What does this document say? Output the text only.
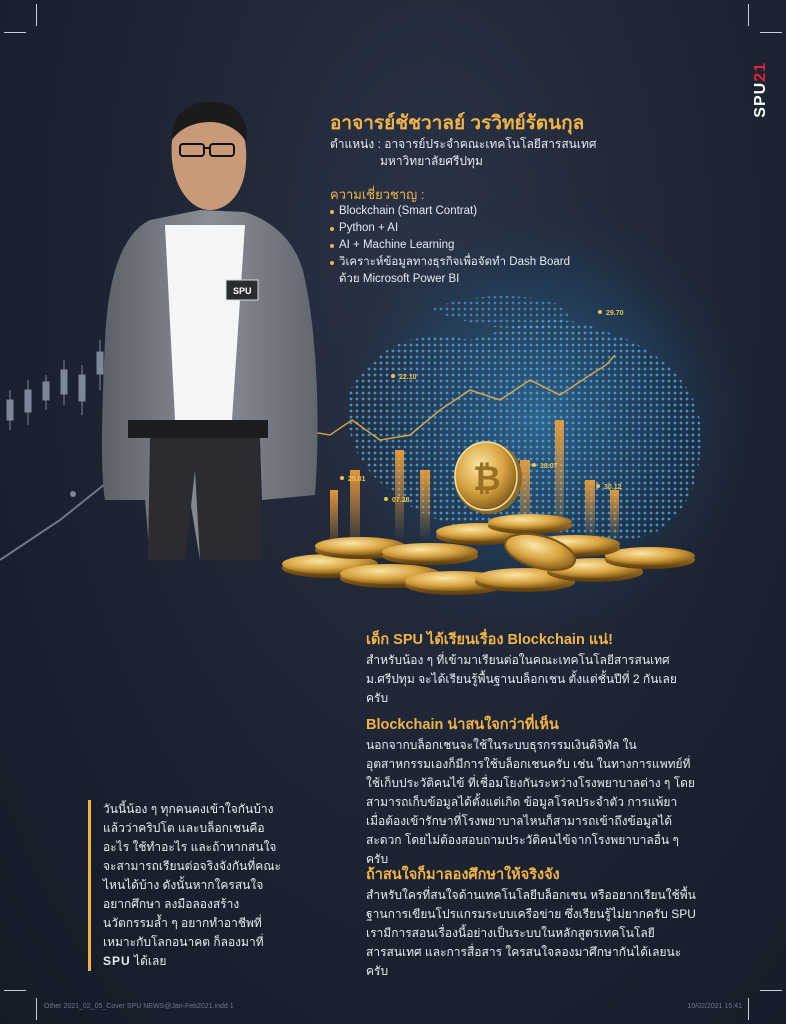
SPU21
29.70
22.10
25.01
07.28
18.07
30.12
SPU
₿
อาจารย์ชัชวาลย์ วรวิทย์รัตนกุล
ตำแหน่ง : อาจารย์ประจำคณะเทคโนโลยีสารสนเทศ
มหาวิทยาลัยศรีปทุม
ความเชี่ยวชาญ :
Blockchain (Smart Contrat)
Python + AI
AI + Machine Learning
วิเคราะห์ข้อมูลทางธุรกิจเพื่อจัดทำ Dash Board ด้วย Microsoft Power BI
เด็ก SPU ได้เรียนเรื่อง Blockchain แน่!
สำหรับน้อง ๆ ที่เข้ามาเรียนต่อในคณะเทคโนโลยีสารสนเทศ ม.ศรีปทุม จะได้เรียนรู้พื้นฐานบล็อกเชน ตั้งแต่ชั้นปีที่ 2 กันเลยครับ
Blockchain น่าสนใจกว่าที่เห็น
นอกจากบล็อกเชนจะใช้ในระบบธุรกรรมเงินดิจิทัล ในอุตสาหกรรมเองก็มีการใช้บล็อกเชนครับ เช่น ในทางการแพทย์ที่ใช้เก็บประวัติคนไข้ ที่เชื่อมโยงกันระหว่างโรงพยาบาลต่าง ๆ โดยสามารถเก็บข้อมูลได้ตั้งแต่เกิด ข้อมูลโรคประจำตัว การแพ้ยา เมื่อต้องเข้ารักษาที่โรงพยาบาลไหนก็สามารถเข้าถึงข้อมูลได้สะดวก โดยไม่ต้องสอบถามประวัติคนไข้จากโรงพยาบาลอื่น ๆ ครับ
ถ้าสนใจก็มาลองศึกษาให้จริงจัง
สำหรับใครที่สนใจด้านเทคโนโลยีบล็อกเชน หรืออยากเรียนใช้พื้นฐานการเขียนโปรแกรมระบบเครือข่าย ซึ่งเรียนรู้ไม่ยากครับ SPU เรามีการสอนเรื่องนี้อย่างเป็นระบบในหลักสูตรเทคโนโลยีสารสนเทศ และการสื่อสาร ใครสนใจลองมาศึกษากันได้เลยนะครับ
วันนี้น้อง ๆ ทุกคนคงเข้าใจกันบ้างแล้วว่าคริปโต และบล็อกเชนคืออะไร ใช้ทำอะไร และถ้าหากสนใจ จะสามารถเรียนต่อจริงจังกันที่คณะไหนได้บ้าง ดังนั้นหากใครสนใจอยากศึกษา ลงมือลองสร้างนวัตกรรมล้ำ ๆ อยากทำอาชีพที่เหมาะกับโลกอนาคต ก็ลองมาที่ SPU ได้เลย
Other 2021_02_05_Cover SPU NEWS@Jan-Feb2021.indd 1	10/02/2021 15:41
